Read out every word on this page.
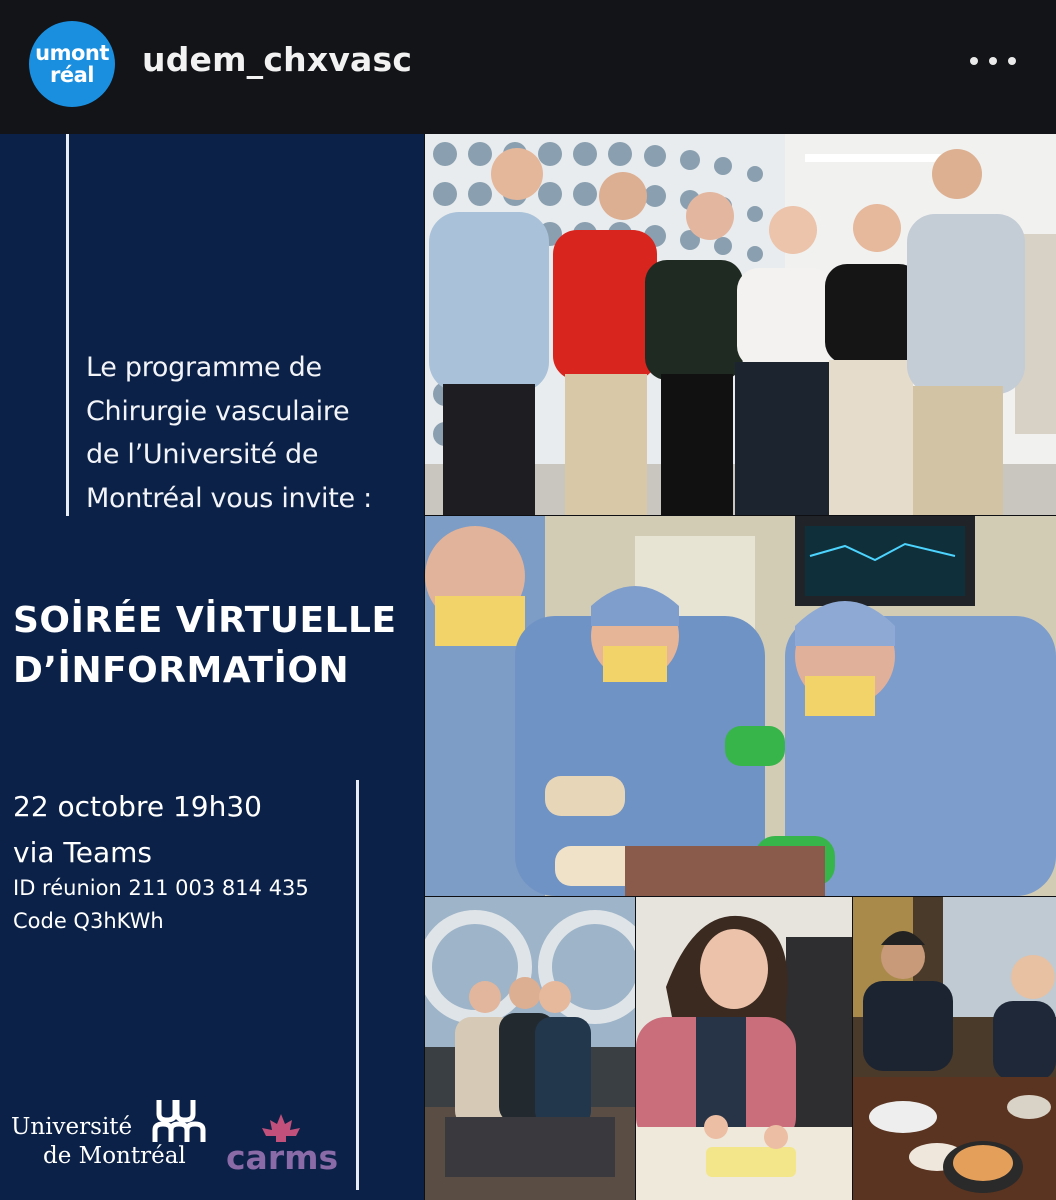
umont
réal udem_chxvasc
Le programme de
Chirurgie vasculaire
de l’Université de
Montréal vous invite :
SOİRÉE VİRTUELLE
D’İNFORMATİON
22 octobre 19h30
via Teams
ID réunion 211 003 814 435
Code Q3hKWh
Université
de Montréal carms
